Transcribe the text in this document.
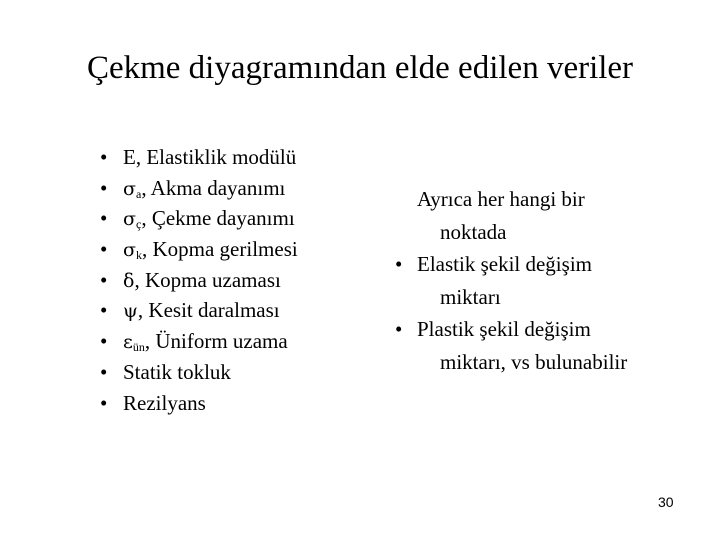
Çekme diyagramından elde edilen veriler
• E, Elastiklik modülü
• $\sigma_a$, Akma dayanımı
• $\sigma_ç$, Çekme dayanımı
• $\sigma_k$, Kopma gerilmesi
• δ, Kopma uzaması
• ψ, Kesit daralması
• $\varepsilon_{ün}$, Üniform uzama
• Statik tokluk
• Rezilyans
Ayrıca her hangi bir
noktada
• Elastik şekil değişim
miktarı
• Plastik şekil değişim
miktarı, vs bulunabilir
30
